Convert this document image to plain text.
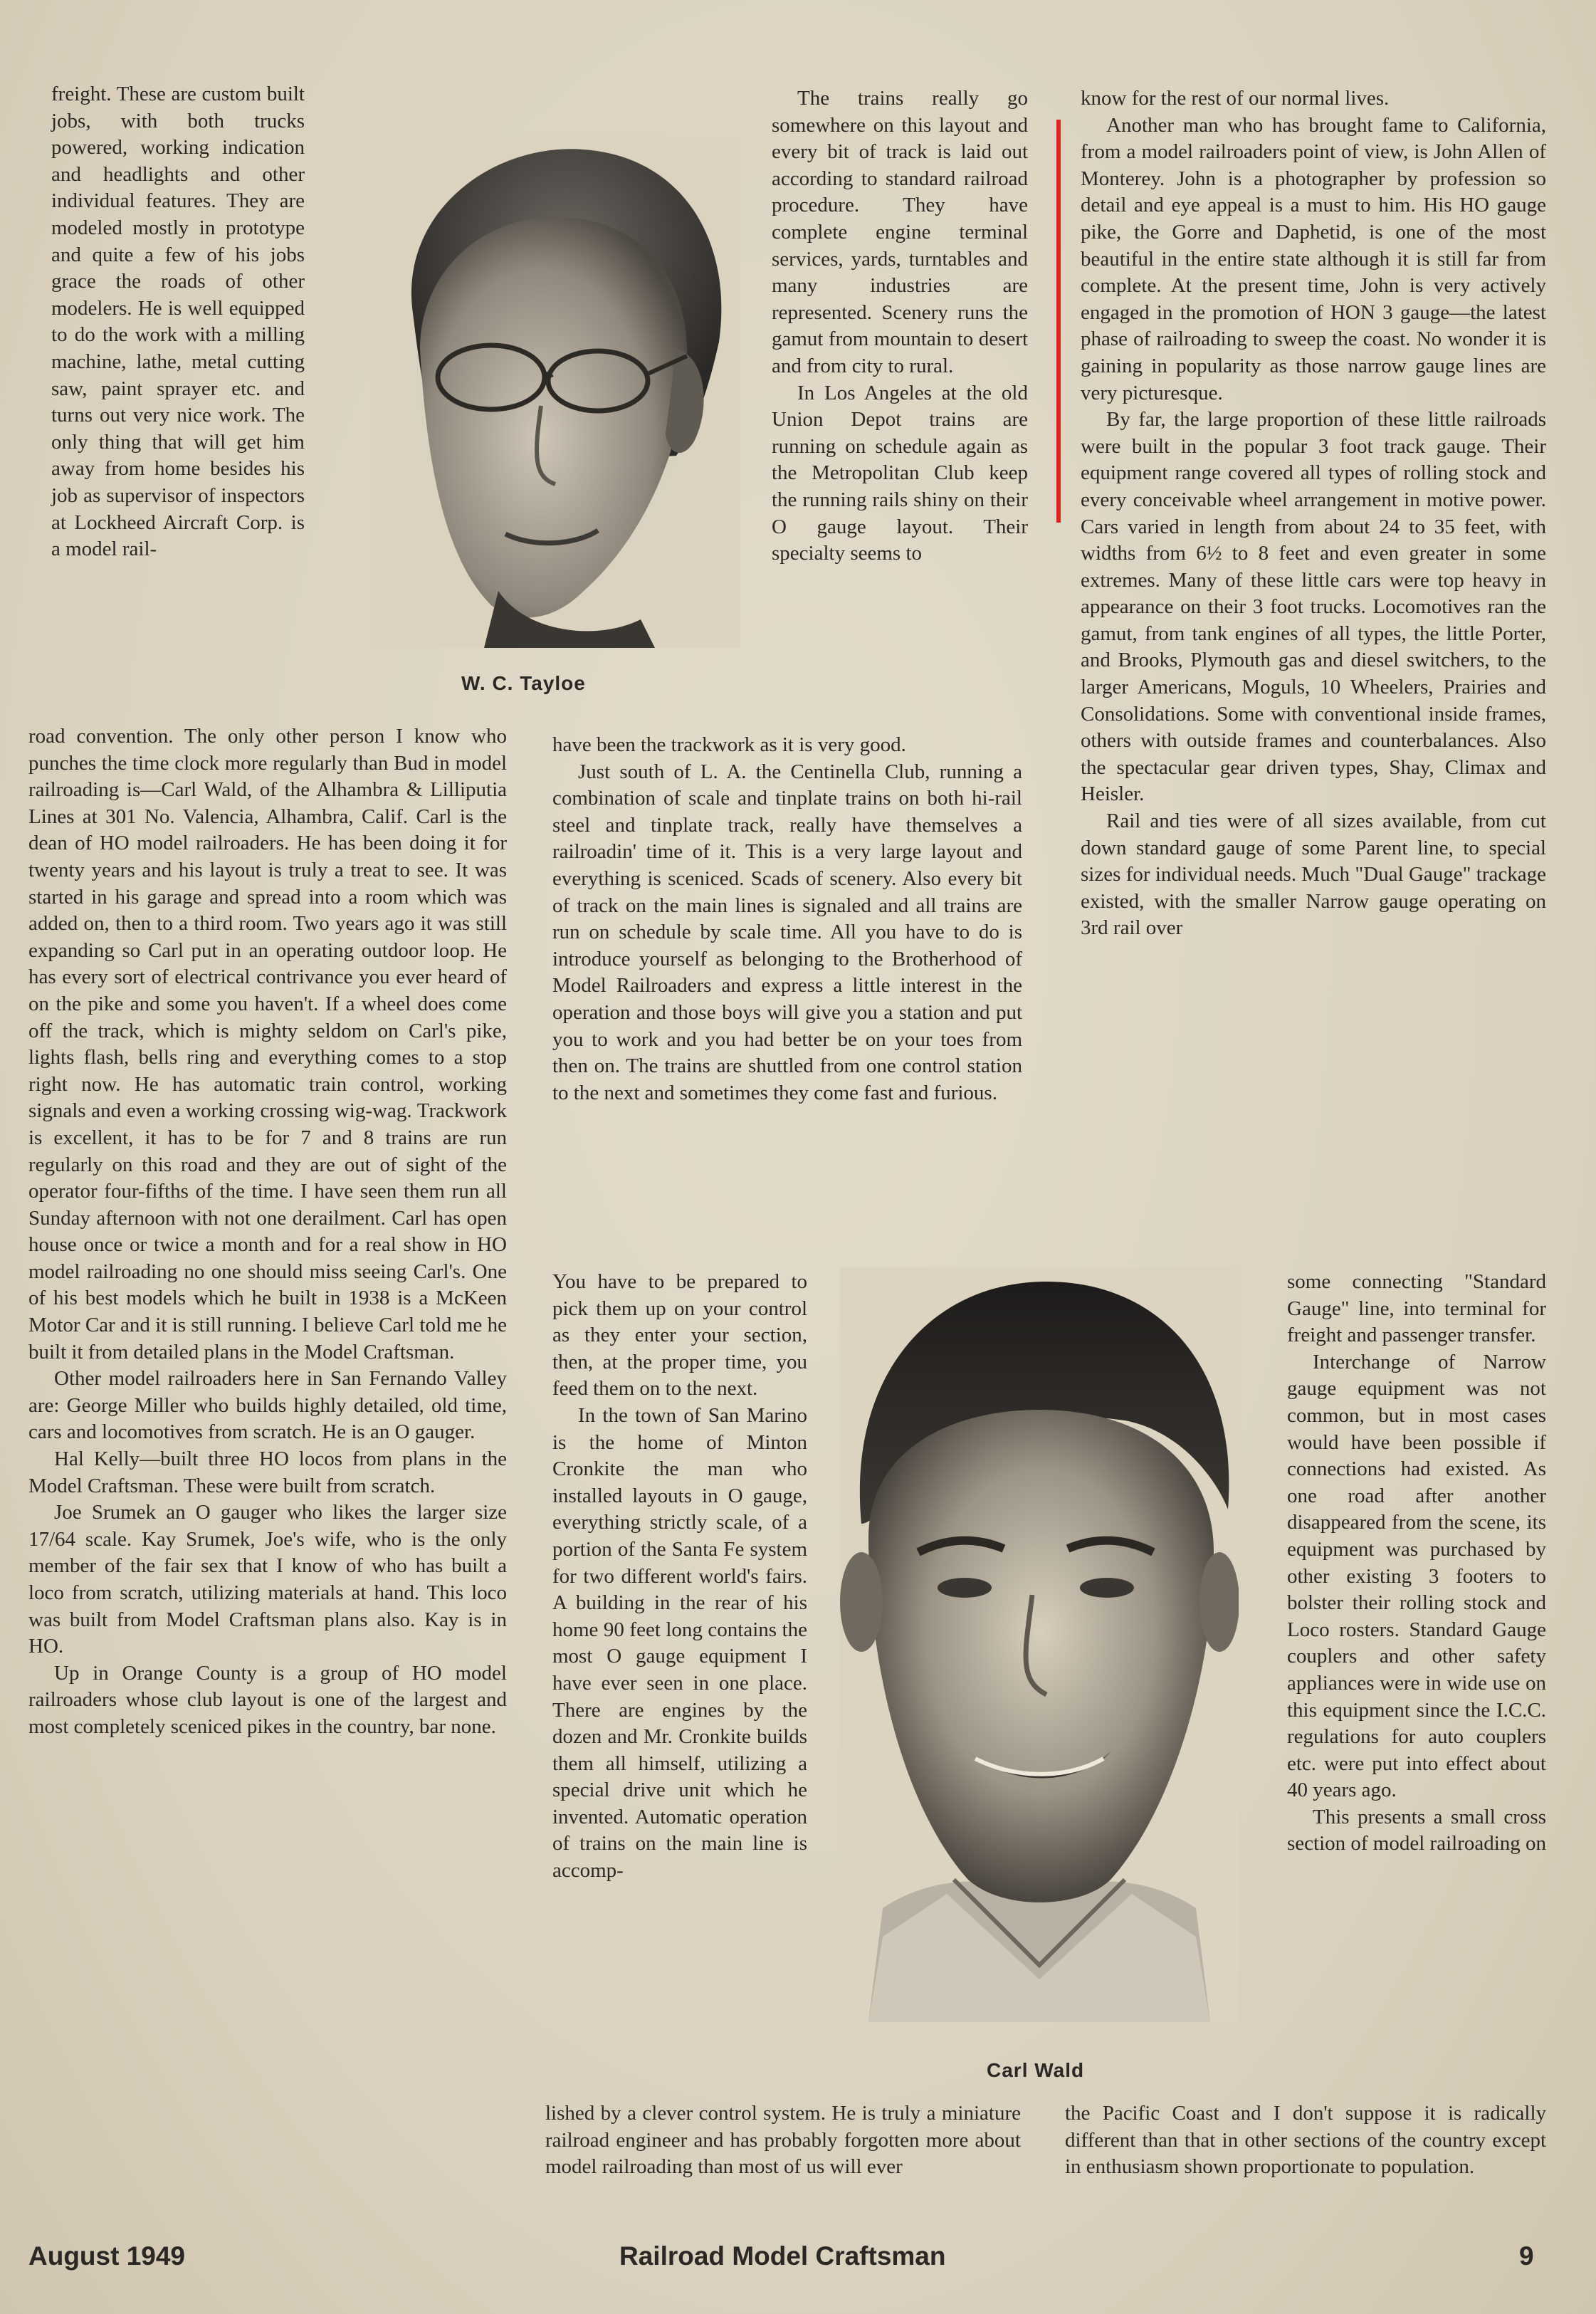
W. C. Tayloe
Carl Wald

freight. These are custom built jobs, with both trucks powered, working indication and headlights and other individual features. They are modeled mostly in prototype and quite a few of his jobs grace the roads of other modelers. He is well equipped to do the work with a milling machine, lathe, metal cutting saw, paint sprayer etc. and turns out very nice work. The only thing that will get him away from home besides his job as supervisor of inspectors at Lockheed Aircraft Corp. is a model rail-

road convention. The only other person I know who punches the time clock more regularly than Bud in model railroading is—Carl Wald, of the Alhambra & Lilliputia Lines at 301 No. Valencia, Alhambra, Calif. Carl is the dean of HO model railroaders. He has been doing it for twenty years and his layout is truly a treat to see. It was started in his garage and spread into a room which was added on, then to a third room. Two years ago it was still expanding so Carl put in an operating outdoor loop. He has every sort of electrical contrivance you ever heard of on the pike and some you haven't. If a wheel does come off the track, which is mighty seldom on Carl's pike, lights flash, bells ring and everything comes to a stop right now. He has automatic train control, working signals and even a working crossing wig-wag. Trackwork is excellent, it has to be for 7 and 8 trains are run regularly on this road and they are out of sight of the operator four-fifths of the time. I have seen them run all Sunday afternoon with not one derailment. Carl has open house once or twice a month and for a real show in HO model railroading no one should miss seeing Carl's. One of his best models which he built in 1938 is a McKeen Motor Car and it is still running. I believe Carl told me he built it from detailed plans in the Model Craftsman.

Other model railroaders here in San Fernando Valley are: George Miller who builds highly detailed, old time, cars and locomotives from scratch. He is an O gauger.

Hal Kelly—built three HO locos from plans in the Model Craftsman. These were built from scratch.

Joe Srumek an O gauger who likes the larger size 17/64 scale. Kay Srumek, Joe's wife, who is the only member of the fair sex that I know of who has built a loco from scratch, utilizing materials at hand. This loco was built from Model Craftsman plans also. Kay is in HO.

Up in Orange County is a group of HO model railroaders whose club layout is one of the largest and most completely sceniced pikes in the country, bar none.

The trains really go somewhere on this layout and every bit of track is laid out according to standard railroad procedure. They have complete engine terminal services, yards, turntables and many industries are represented. Scenery runs the gamut from mountain to desert and from city to rural.

In Los Angeles at the old Union Depot trains are running on schedule again as the Metropolitan Club keep the running rails shiny on their O gauge layout. Their specialty seems to

have been the trackwork as it is very good.

Just south of L. A. the Centinella Club, running a combination of scale and tinplate trains on both hi-rail steel and tinplate track, really have themselves a railroadin' time of it. This is a very large layout and everything is sceniced. Scads of scenery. Also every bit of track on the main lines is signaled and all trains are run on schedule by scale time. All you have to do is introduce yourself as belonging to the Brotherhood of Model Railroaders and express a little interest in the operation and those boys will give you a station and put you to work and you had better be on your toes from then on. The trains are shuttled from one control station to the next and sometimes they come fast and furious.

You have to be prepared to pick them up on your control as they enter your section, then, at the proper time, you feed them on to the next.

In the town of San Marino is the home of Minton Cronkite the man who installed layouts in O gauge, everything strictly scale, of a portion of the Santa Fe system for two different world's fairs. A building in the rear of his home 90 feet long contains the most O gauge equipment I have ever seen in one place. There are engines by the dozen and Mr. Cronkite builds them all himself, utilizing a special drive unit which he invented. Automatic operation of trains on the main line is accomp-

lished by a clever control system. He is truly a miniature railroad engineer and has probably forgotten more about model railroading than most of us will ever

know for the rest of our normal lives.

Another man who has brought fame to California, from a model railroaders point of view, is John Allen of Monterey. John is a photographer by profession so detail and eye appeal is a must to him. His HO gauge pike, the Gorre and Daphetid, is one of the most beautiful in the entire state although it is still far from complete. At the present time, John is very actively engaged in the promotion of HON 3 gauge—the latest phase of railroading to sweep the coast. No wonder it is gaining in popularity as those narrow gauge lines are very picturesque.

By far, the large proportion of these little railroads were built in the popular 3 foot track gauge. Their equipment range covered all types of rolling stock and every conceivable wheel arrangement in motive power. Cars varied in length from about 24 to 35 feet, with widths from 6½ to 8 feet and even greater in some extremes. Many of these little cars were top heavy in appearance on their 3 foot trucks. Locomotives ran the gamut, from tank engines of all types, the little Porter, and Brooks, Plymouth gas and diesel switchers, to the larger Americans, Moguls, 10 Wheelers, Prairies and Consolidations. Some with conventional inside frames, others with outside frames and counterbalances. Also the spectacular gear driven types, Shay, Climax and Heisler.

Rail and ties were of all sizes available, from cut down standard gauge of some Parent line, to special sizes for individual needs. Much "Dual Gauge" trackage existed, with the smaller Narrow gauge operating on 3rd rail over

some connecting "Standard Gauge" line, into terminal for freight and passenger transfer.

Interchange of Narrow gauge equipment was not common, but in most cases would have been possible if connections had existed. As one road after another disappeared from the scene, its equipment was purchased by other existing 3 footers to bolster their rolling stock and Loco rosters. Standard Gauge couplers and other safety appliances were in wide use on this equipment since the I.C.C. regulations for auto couplers etc. were put into effect about 40 years ago.

This presents a small cross section of model railroading on

the Pacific Coast and I don't suppose it is radically different than that in other sections of the country except in enthusiasm shown proportionate to population.

August 1949	Railroad Model Craftsman	9
